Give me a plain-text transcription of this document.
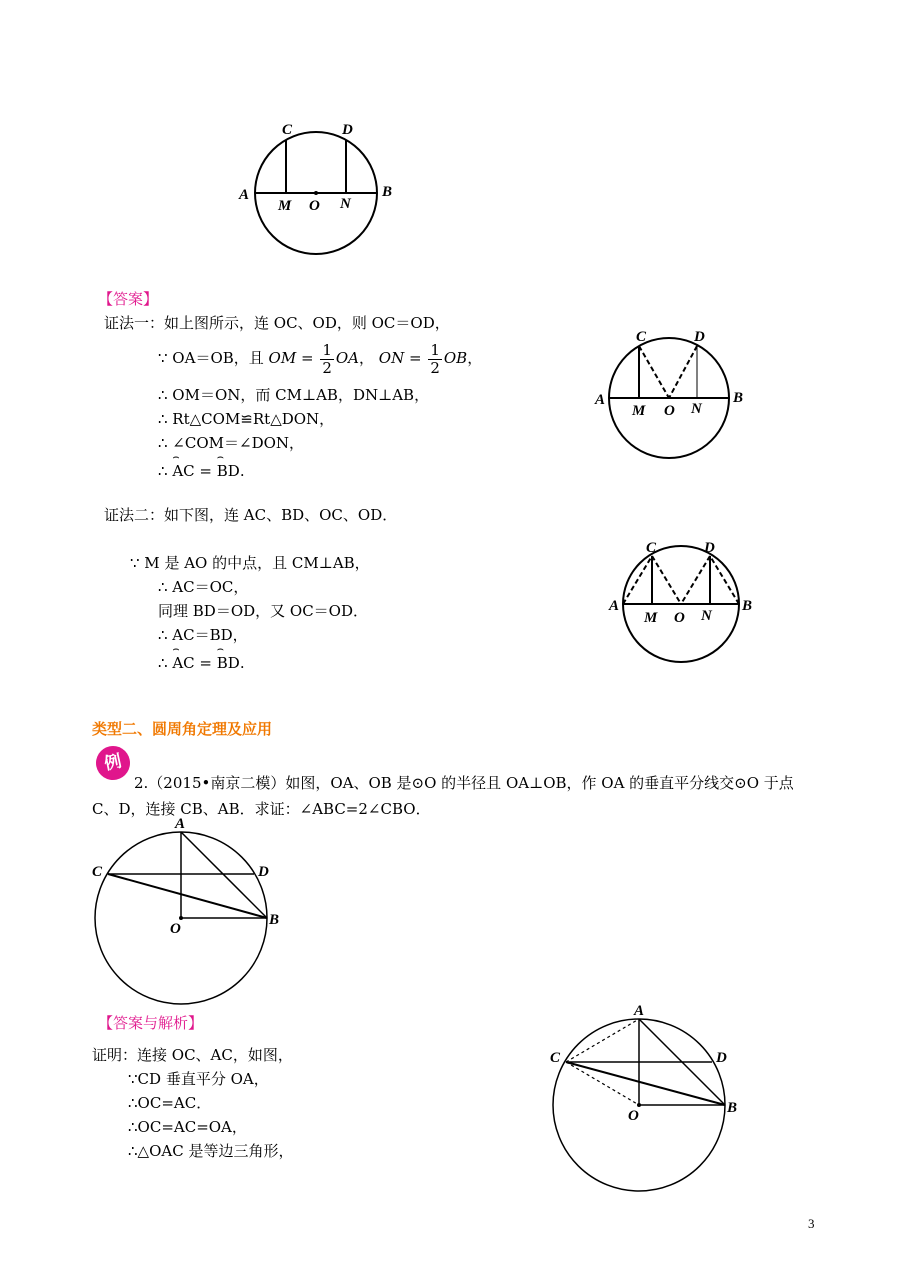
C	D
A	B
M O N
【答案】
证法一：如上图所示，连 OC、OD，则 OC＝OD，
∵ OA＝OB，且 OM = $\frac{1}{2}$ OA， ON = $\frac{1}{2}$ OB，
∴ OM＝ON，而 CM⊥AB，DN⊥AB，
∴ Rt△COM≌Rt△DON，
∴ ∠COM＝∠DON，
∴
⌢
AC =
⌢
BD.
C	D
A	B
M O N
证法二：如下图，连 AC、BD、OC、OD．
∵ M 是 AO 的中点，且 CM⊥AB，
∴ AC＝OC，
同理 BD＝OD，又 OC＝OD．
∴ AC＝BD，
∴
⌢
AC =
⌢
BD.
C	D
A	B
M O N
类型二、圆周角定理及应用
例
2.（2015•南京二模）如图，OA、OB 是⊙O 的半径且 OA⊥OB，作 OA 的垂直平分线交⊙O 于点
C、D，连接 CB、AB．求证：∠ABC=2∠CBO．
A
C	D
B
O
【答案与解析】
证明：连接 OC、AC，如图，
∵CD 垂直平分 OA，
∴OC=AC．
∴OC=AC=OA，
∴△OAC 是等边三角形，
A
C	D
B
O
3
